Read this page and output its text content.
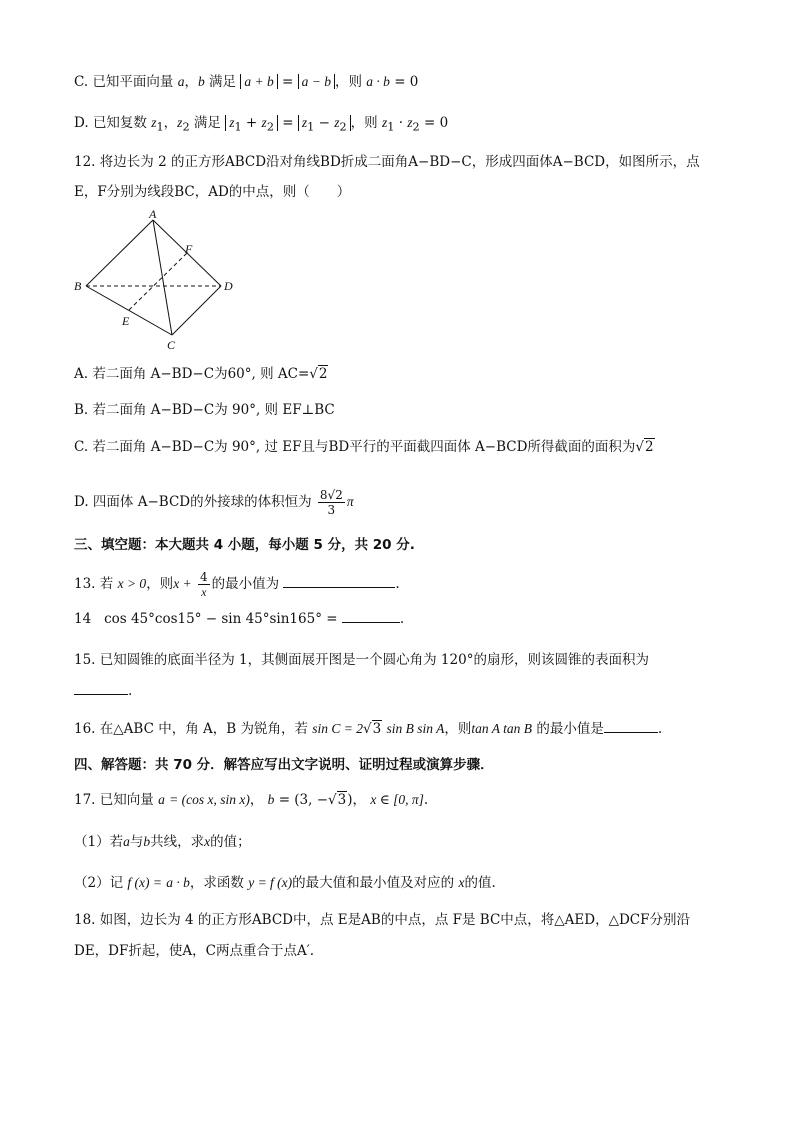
C. 已知平面向量 a，b 满足 a + b = a − b ，则 a · b = 0
D. 已知复数 $z_1$，$z_2$ 满足 $z_1 + z_2 = z_1 - z_2$ ，则 $z_1 \cdot z_2 = 0$
12. 将边长为 2 的正方形ABCD沿对角线BD折成二面角A−BD−C，形成四面体A−BCD，如图所示，点
E，F分别为线段BC，AD的中点，则（　　）
A
B
C
D
E
F
A. 若二面角 A−BD−C为60°, 则 AC=√2
B. 若二面角 A−BD−C为 90°, 则 EF⊥BC
C. 若二面角 A−BD−C为 90°, 过 EF且与BD平行的平面截四面体 A−BCD所得截面的面积为√2
D. 四面体 A−BCD的外接球的体积恒为 $\frac{8√2}{3}$ π
三、填空题：本大题共 4 小题，每小题 5 分，共 20 分.
13. 若 x > 0，则$x + \frac{4}{x}$ 的最小值为	.
14 cos 45°cos15° − sin 45°sin165° =	.
15. 已知圆锥的底面半径为 1，其侧面展开图是一个圆心角为 120°的扇形，则该圆锥的表面积为
.
16. 在△ABC 中，角 A，B 为锐角，若 sin C = 2√3 sin B sin A，则tan A tan B 的最小值是	.
四、解答题：共 70 分．解答应写出文字说明、证明过程或演算步骤．
17. 已知向量 a = (cos x, sin x)， b = (3, −√3)， x ∈ [0, π].
（1）若a与b共线，求x的值；
（2）记 f (x) = a · b，求函数 y = f (x)的最大值和最小值及对应的 x的值.
18. 如图，边长为 4 的正方形ABCD中，点 E是AB的中点，点 F是 BC中点，将△AED，△DCF分别沿
DE，DF折起，使A，C两点重合于点A′.
